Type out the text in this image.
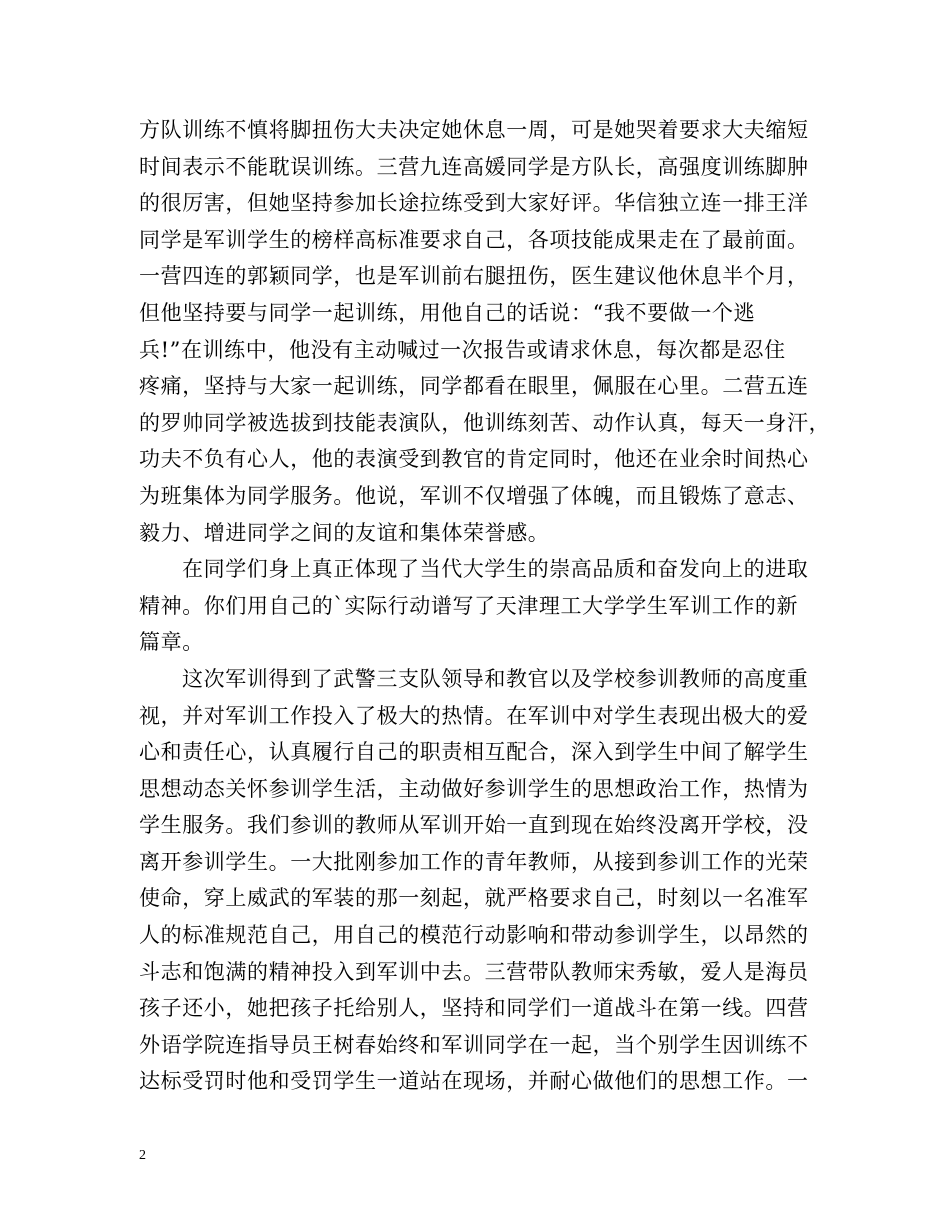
方队训练不慎将脚扭伤大夫决定她休息一周，可是她哭着要求大夫缩短
时间表示不能耽误训练。三营九连高媛同学是方队长，高强度训练脚肿
的很厉害，但她坚持参加长途拉练受到大家好评。华信独立连一排王洋
同学是军训学生的榜样高标准要求自己，各项技能成果走在了最前面。
一营四连的郭颖同学，也是军训前右腿扭伤，医生建议他休息半个月，
但他坚持要与同学一起训练，用他自己的话说：“我不要做一个逃
兵!”在训练中，他没有主动喊过一次报告或请求休息，每次都是忍住
疼痛，坚持与大家一起训练，同学都看在眼里，佩服在心里。二营五连
的罗帅同学被选拔到技能表演队，他训练刻苦、动作认真，每天一身汗，
功夫不负有心人，他的表演受到教官的肯定同时，他还在业余时间热心
为班集体为同学服务。他说，军训不仅增强了体魄，而且锻炼了意志、
毅力、增进同学之间的友谊和集体荣誉感。
在同学们身上真正体现了当代大学生的崇高品质和奋发向上的进取
精神。你们用自己的`实际行动谱写了天津理工大学学生军训工作的新
篇章。
这次军训得到了武警三支队领导和教官以及学校参训教师的高度重
视，并对军训工作投入了极大的热情。在军训中对学生表现出极大的爱
心和责任心，认真履行自己的职责相互配合，深入到学生中间了解学生
思想动态关怀参训学生活，主动做好参训学生的思想政治工作，热情为
学生服务。我们参训的教师从军训开始一直到现在始终没离开学校，没
离开参训学生。一大批刚参加工作的青年教师，从接到参训工作的光荣
使命，穿上威武的军装的那一刻起，就严格要求自己，时刻以一名准军
人的标准规范自己，用自己的模范行动影响和带动参训学生，以昂然的
斗志和饱满的精神投入到军训中去。三营带队教师宋秀敏，爱人是海员
孩子还小，她把孩子托给别人，坚持和同学们一道战斗在第一线。四营
外语学院连指导员王树春始终和军训同学在一起，当个别学生因训练不
达标受罚时他和受罚学生一道站在现场，并耐心做他们的思想工作。一
2
